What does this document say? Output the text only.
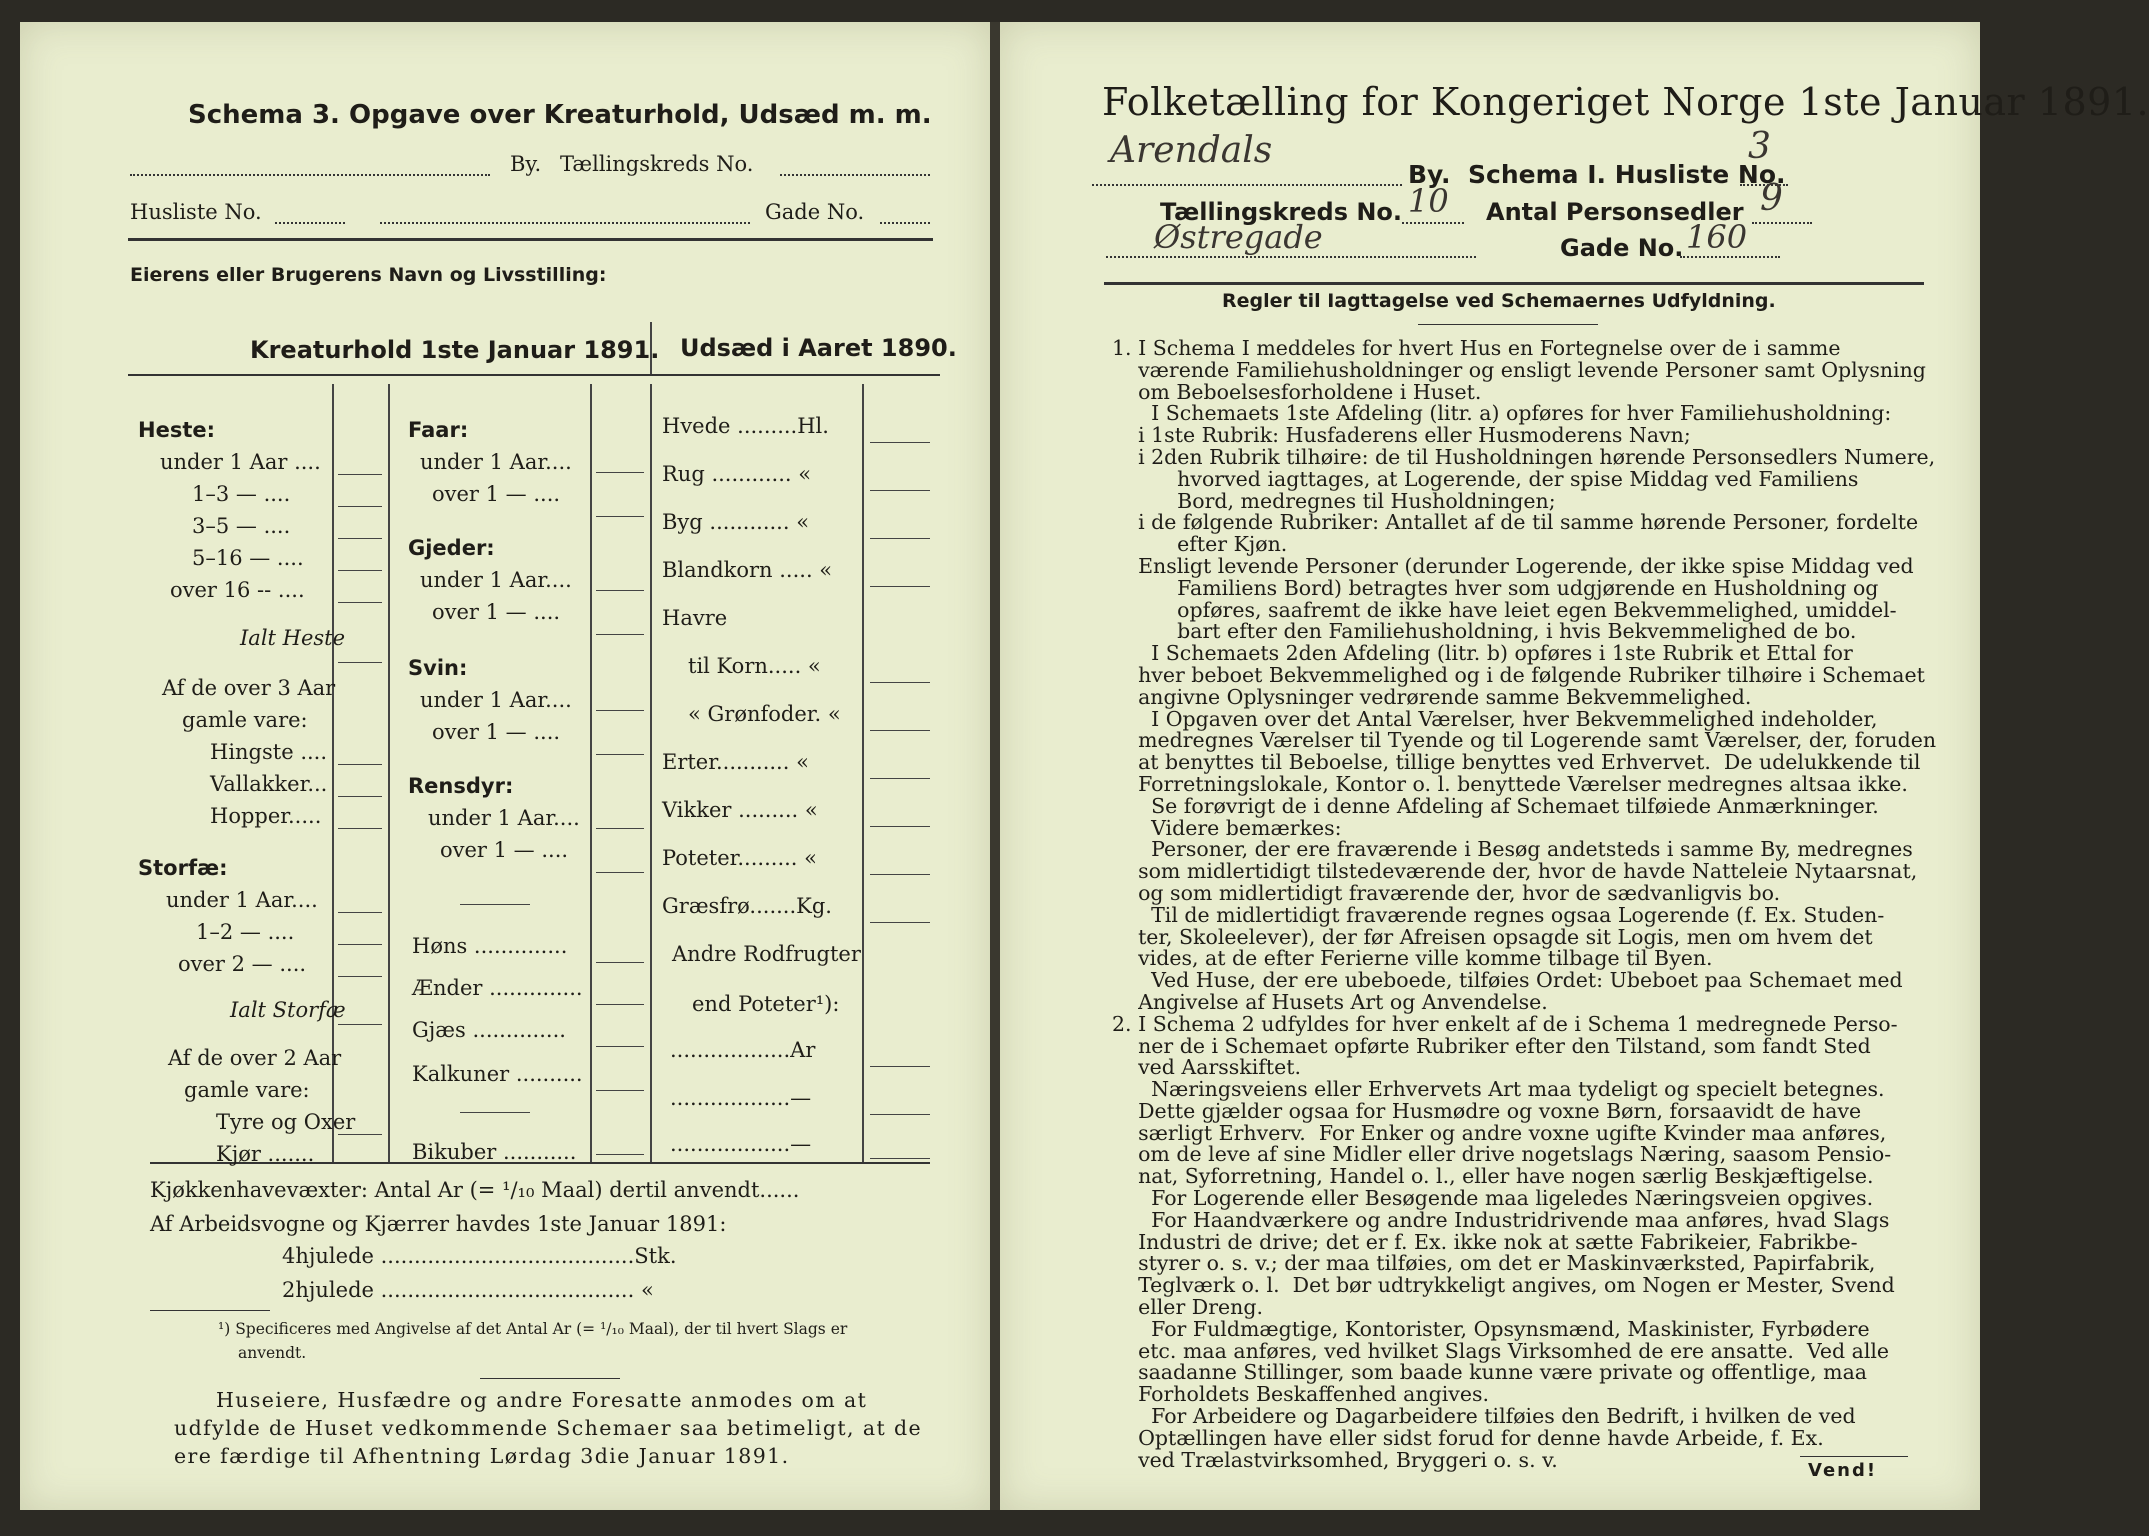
Schema 3. Opgave over Kreaturhold, Udsæd m. m.
By. Tællingskreds No.
Husliste No.	Gade No.
Eierens eller Brugerens Navn og Livsstilling:
Kreaturhold 1ste Januar 1891. Udsæd i Aaret 1890.
Heste:
under 1 Aar ....
1–3 — ....
3–5 — ....
5–16 — ....
over 16 -- ....
Ialt Heste
Af de over 3 Aar
gamle vare:
Hingste ....
Vallakker...
Hopper.....
Storfæ:
under 1 Aar....
1–2 — ....
over 2 — ....
Ialt Storfæ
Af de over 2 Aar
gamle vare:
Tyre og Oxer
Kjør .......
Faar:
under 1 Aar....
over 1 — ....
Gjeder:
under 1 Aar....
over 1 — ....
Svin:
under 1 Aar....
over 1 — ....
Rensdyr:
under 1 Aar....
over 1 — ....
Høns ..............
Ænder ..............
Gjæs ..............
Kalkuner ..........
Bikuber ...........
Hvede .........Hl.
Rug ............ «
Byg ............ «
Blandkorn ..... «
Havre
til Korn..... «
« Grønfoder. «
Erter........... «
Vikker ......... «
Poteter......... «
Græsfrø.......Kg.
Andre Rodfrugter
end Poteter¹):
..................Ar
..................—
..................—
Kjøkkenhavevæxter: Antal Ar (= ¹/₁₀ Maal) dertil anvendt......
Af Arbeidsvogne og Kjærrer havdes 1ste Januar 1891:
4hjulede ......................................Stk.
2hjulede ...................................... «
¹) Specificeres med Angivelse af det Antal Ar (= ¹/₁₀ Maal), der til hvert Slags er
anvendt.
Huseiere, Husfædre og andre Foresatte anmodes om at
udfylde de Huset vedkommende Schemaer saa betimeligt, at de
ere færdige til Afhentning Lørdag 3die Januar 1891.
Folketælling for Kongeriget Norge 1ste Januar 1891.
Arendals
By. Schema I. Husliste No.
3
Tællingskreds No. 10 Antal Personsedler 9
Østregade	Gade No. 160
Regler til Iagttagelse ved Schemaernes Udfyldning.
1. I Schema I meddeles for hvert Hus en Fortegnelse over de i samme
værende Familiehusholdninger og ensligt levende Personer samt Oplysning
om Beboelsesforholdene i Huset.
I Schemaets 1ste Afdeling (litr. a) opføres for hver Familiehusholdning:
i 1ste Rubrik: Husfaderens eller Husmoderens Navn;
i 2den Rubrik tilhøire: de til Husholdningen hørende Personsedlers Numere,
hvorved iagttages, at Logerende, der spise Middag ved Familiens
Bord, medregnes til Husholdningen;
i de følgende Rubriker: Antallet af de til samme hørende Personer, fordelte
efter Kjøn.
Ensligt levende Personer (derunder Logerende, der ikke spise Middag ved
Familiens Bord) betragtes hver som udgjørende en Husholdning og
opføres, saafremt de ikke have leiet egen Bekvemmelighed, umiddel-
bart efter den Familiehusholdning, i hvis Bekvemmelighed de bo.
I Schemaets 2den Afdeling (litr. b) opføres i 1ste Rubrik et Ettal for
hver beboet Bekvemmelighed og i de følgende Rubriker tilhøire i Schemaet
angivne Oplysninger vedrørende samme Bekvemmelighed.
I Opgaven over det Antal Værelser, hver Bekvemmelighed indeholder,
medregnes Værelser til Tyende og til Logerende samt Værelser, der, foruden
at benyttes til Beboelse, tillige benyttes ved Erhvervet.  De udelukkende til
Forretningslokale, Kontor o. l. benyttede Værelser medregnes altsaa ikke.
Se forøvrigt de i denne Afdeling af Schemaet tilføiede Anmærkninger.
Videre bemærkes:
Personer, der ere fraværende i Besøg andetsteds i samme By, medregnes
som midlertidigt tilstedeværende der, hvor de havde Natteleie Nytaarsnat,
og som midlertidigt fraværende der, hvor de sædvanligvis bo.
Til de midlertidigt fraværende regnes ogsaa Logerende (f. Ex. Studen-
ter, Skoleelever), der før Afreisen opsagde sit Logis, men om hvem det
vides, at de efter Ferierne ville komme tilbage til Byen.
Ved Huse, der ere ubeboede, tilføies Ordet: Ubeboet paa Schemaet med
Angivelse af Husets Art og Anvendelse.
2. I Schema 2 udfyldes for hver enkelt af de i Schema 1 medregnede Perso-
ner de i Schemaet opførte Rubriker efter den Tilstand, som fandt Sted
ved Aarsskiftet.
Næringsveiens eller Erhvervets Art maa tydeligt og specielt betegnes.
Dette gjælder ogsaa for Husmødre og voxne Børn, forsaavidt de have
særligt Erhverv.  For Enker og andre voxne ugifte Kvinder maa anføres,
om de leve af sine Midler eller drive nogetslags Næring, saasom Pensio-
nat, Syforretning, Handel o. l., eller have nogen særlig Beskjæftigelse.
For Logerende eller Besøgende maa ligeledes Næringsveien opgives.
For Haandværkere og andre Industridrivende maa anføres, hvad Slags
Industri de drive; det er f. Ex. ikke nok at sætte Fabrikeier, Fabrikbe-
styrer o. s. v.; der maa tilføies, om det er Maskinværksted, Papirfabrik,
Teglværk o. l.  Det bør udtrykkeligt angives, om Nogen er Mester, Svend
eller Dreng.
For Fuldmægtige, Kontorister, Opsynsmænd, Maskinister, Fyrbødere
etc. maa anføres, ved hvilket Slags Virksomhed de ere ansatte.  Ved alle
saadanne Stillinger, som baade kunne være private og offentlige, maa
Forholdets Beskaffenhed angives.
For Arbeidere og Dagarbeidere tilføies den Bedrift, i hvilken de ved
Optællingen have eller sidst forud for denne havde Arbeide, f. Ex.
ved Trælastvirksomhed, Bryggeri o. s. v.	Vend!
